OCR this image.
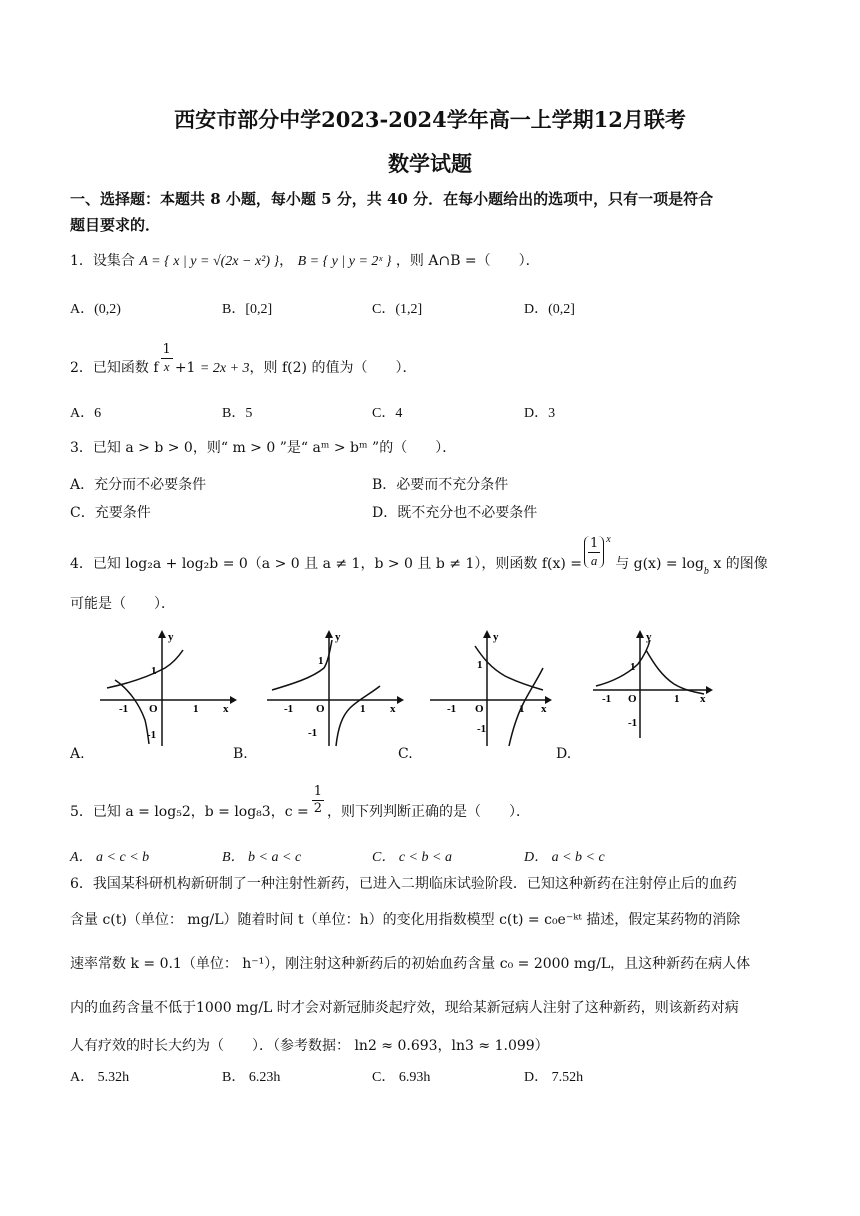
西安市部分中学2023-2024学年高一上学期12月联考
数学试题
一、选择题：本题共 8 小题，每小题 5 分，共 40 分．在每小题给出的选项中，只有一项是符合
题目要求的．
1．设集合 A = { x | y = √(2x − x²) }， B = { y | y = 2ˣ } ，则 A∩B =（　　）．
A．(0,2)	B．[0,2]	C．(1,2]	D．(0,2]
2．已知函数 f $\frac{1}{x} +1 = 2x + 3$，则 f(2) 的值为（　　）．
A．6	B．5	C．4	D．3
3．已知 a > b > 0，则“ m > 0 ”是“ aᵐ > bᵐ ”的（　　）．
A．充分而不必要条件	B．必要而不充分条件
C．充要条件	D．既不充分也不必要条件
4．已知 log₂a + log₂b = 0（a > 0 且 a ≠ 1，b > 0 且 b ≠ 1），则函数 $f(x) = \frac{1}{a} ^x$ 与 $g(x) = \log_b x$ 的图像
可能是（　　）．
y
x
O
-1	1
1
-1
y
x
O
-1	1
1
-1
y
x
O
-1	1
1
-1
y
x
O
-1	1
1
-1
A.	B.	C.	D.
5．已知 a = log₅2，b = log₈3，$c = \frac{1}{2}$ ，则下列判断正确的是（　　）．
A． a < c < b	B． b < a < c	C． c < b < a	D． a < b < c
6．我国某科研机构新研制了一种注射性新药，已进入二期临床试验阶段．已知这种新药在注射停止后的血药
含量 c(t)（单位： mg/L）随着时间 t（单位：h）的变化用指数模型 c(t) = c₀e⁻ᵏᵗ 描述，假定某药物的消除
速率常数 k = 0.1（单位： h⁻¹），刚注射这种新药后的初始血药含量 c₀ = 2000 mg/L，且这种新药在病人体
内的血药含量不低于1000 mg/L 时才会对新冠肺炎起疗效，现给某新冠病人注射了这种新药，则该新药对病
人有疗效的时长大约为（　　）．（参考数据： ln2 ≈ 0.693，ln3 ≈ 1.099）
A． 5.32h	B． 6.23h	C． 6.93h	D． 7.52h
